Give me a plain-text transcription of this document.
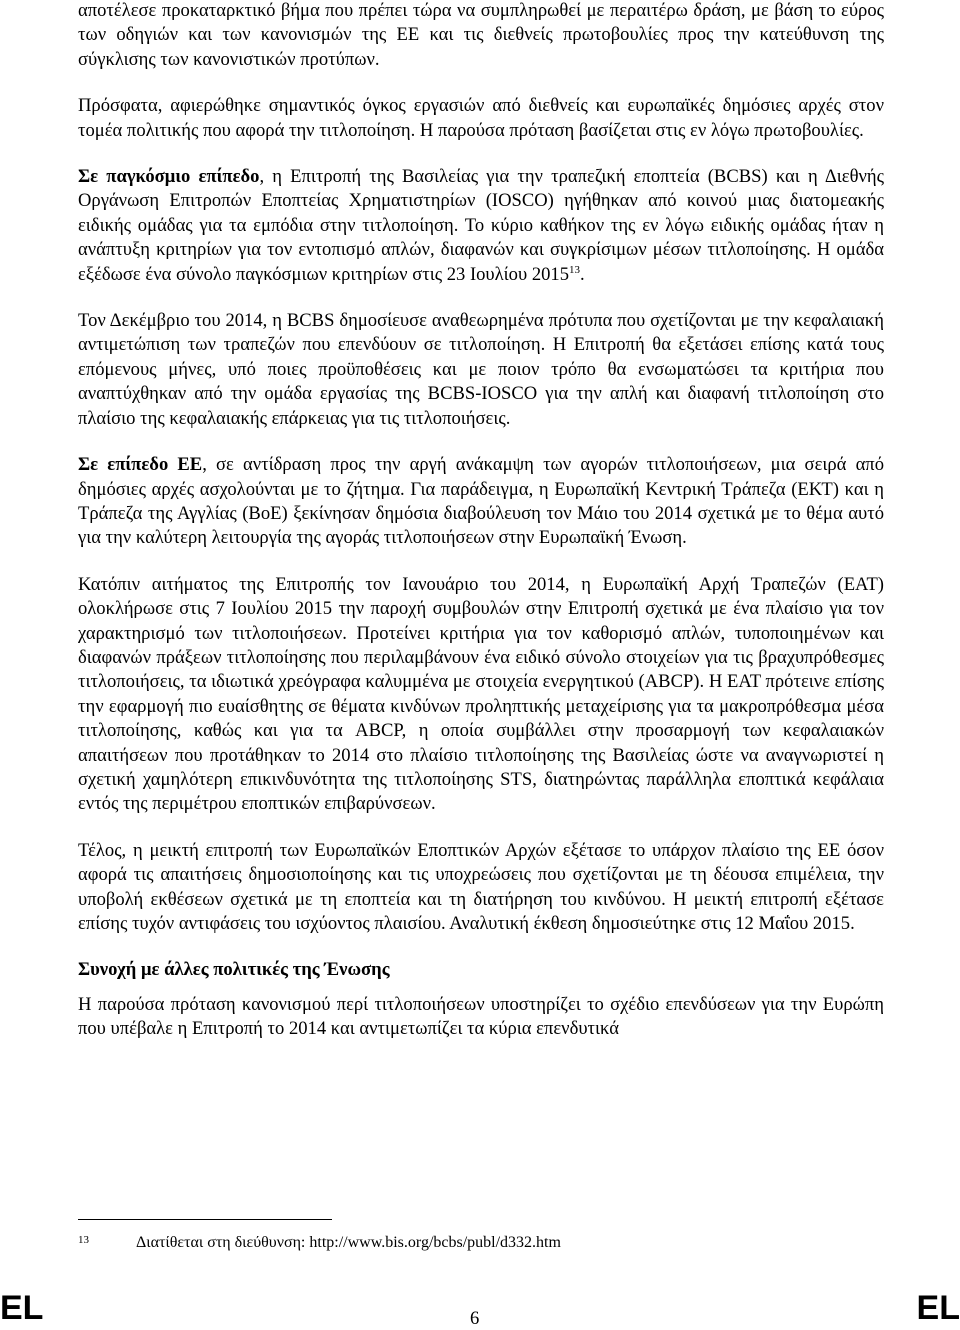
αποτέλεσε προκαταρκτικό βήμα που πρέπει τώρα να συμπληρωθεί με περαιτέρω δράση, με βάση το εύρος των οδηγιών και των κανονισμών της ΕΕ και τις διεθνείς πρωτοβουλίες προς την κατεύθυνση της σύγκλισης των κανονιστικών προτύπων.

Πρόσφατα, αφιερώθηκε σημαντικός όγκος εργασιών από διεθνείς και ευρωπαϊκές δημόσιες αρχές στον τομέα πολιτικής που αφορά την τιτλοποίηση. Η παρούσα πρόταση βασίζεται στις εν λόγω πρωτοβουλίες.

Σε παγκόσμιο επίπεδο, η Επιτροπή της Βασιλείας για την τραπεζική εποπτεία (BCBS) και η Διεθνής Οργάνωση Επιτροπών Εποπτείας Χρηματιστηρίων (IOSCO) ηγήθηκαν από κοινού μιας διατομεακής ειδικής ομάδας για τα εμπόδια στην τιτλοποίηση. Το κύριο καθήκον της εν λόγω ειδικής ομάδας ήταν η ανάπτυξη κριτηρίων για τον εντοπισμό απλών, διαφανών και συγκρίσιμων μέσων τιτλοποίησης. Η ομάδα εξέδωσε ένα σύνολο παγκόσμιων κριτηρίων στις 23 Ιουλίου 2015$^{13}$.

Τον Δεκέμβριο του 2014, η BCBS δημοσίευσε αναθεωρημένα πρότυπα που σχετίζονται με την κεφαλαιακή αντιμετώπιση των τραπεζών που επενδύουν σε τιτλοποίηση. Η Επιτροπή θα εξετάσει επίσης κατά τους επόμενους μήνες, υπό ποιες προϋποθέσεις και με ποιον τρόπο θα ενσωματώσει τα κριτήρια που αναπτύχθηκαν από την ομάδα εργασίας της BCBS-IOSCO για την απλή και διαφανή τιτλοποίηση στο πλαίσιο της κεφαλαιακής επάρκειας για τις τιτλοποιήσεις.

Σε επίπεδο ΕΕ, σε αντίδραση προς την αργή ανάκαμψη των αγορών τιτλοποιήσεων, μια σειρά από δημόσιες αρχές ασχολούνται με το ζήτημα. Για παράδειγμα, η Ευρωπαϊκή Κεντρική Τράπεζα (ΕΚΤ) και η Τράπεζα της Αγγλίας (BoE) ξεκίνησαν δημόσια διαβούλευση τον Μάιο του 2014 σχετικά με το θέμα αυτό για την καλύτερη λειτουργία της αγοράς τιτλοποιήσεων στην Ευρωπαϊκή Ένωση.

Κατόπιν αιτήματος της Επιτροπής τον Ιανουάριο του 2014, η Ευρωπαϊκή Αρχή Τραπεζών (ΕΑΤ) ολοκλήρωσε στις 7 Ιουλίου 2015 την παροχή συμβουλών στην Επιτροπή σχετικά με ένα πλαίσιο για τον χαρακτηρισμό των τιτλοποιήσεων. Προτείνει κριτήρια για τον καθορισμό απλών, τυποποιημένων και διαφανών πράξεων τιτλοποίησης που περιλαμβάνουν ένα ειδικό σύνολο στοιχείων για τις βραχυπρόθεσμες τιτλοποιήσεις, τα ιδιωτικά χρεόγραφα καλυμμένα με στοιχεία ενεργητικού (ABCP). Η ΕΑΤ πρότεινε επίσης την εφαρμογή πιο ευαίσθητης σε θέματα κινδύνων προληπτικής μεταχείρισης για τα μακροπρόθεσμα μέσα τιτλοποίησης, καθώς και για τα ABCP, η οποία συμβάλλει στην προσαρμογή των κεφαλαιακών απαιτήσεων που προτάθηκαν το 2014 στο πλαίσιο τιτλοποίησης της Βασιλείας ώστε να αναγνωριστεί η σχετική χαμηλότερη επικινδυνότητα της τιτλοποίησης STS, διατηρώντας παράλληλα εποπτικά κεφάλαια εντός της περιμέτρου εποπτικών επιβαρύνσεων.

Τέλος, η μεικτή επιτροπή των Ευρωπαϊκών Εποπτικών Αρχών εξέτασε το υπάρχον πλαίσιο της ΕΕ όσον αφορά τις απαιτήσεις δημοσιοποίησης και τις υποχρεώσεις που σχετίζονται με τη δέουσα επιμέλεια, την υποβολή εκθέσεων σχετικά με τη εποπτεία και τη διατήρηση του κινδύνου. Η μεικτή επιτροπή εξέτασε επίσης τυχόν αντιφάσεις του ισχύοντος πλαισίου. Αναλυτική έκθεση δημοσιεύτηκε στις 12 Μαΐου 2015.

Συνοχή με άλλες πολιτικές της Ένωσης

Η παρούσα πρόταση κανονισμού περί τιτλοποιήσεων υποστηρίζει το σχέδιο επενδύσεων για την Ευρώπη που υπέβαλε η Επιτροπή το 2014 και αντιμετωπίζει τα κύρια επενδυτικά

13	Διατίθεται στη διεύθυνση: http://www.bis.org/bcbs/publ/d332.htm
EL	6	EL
